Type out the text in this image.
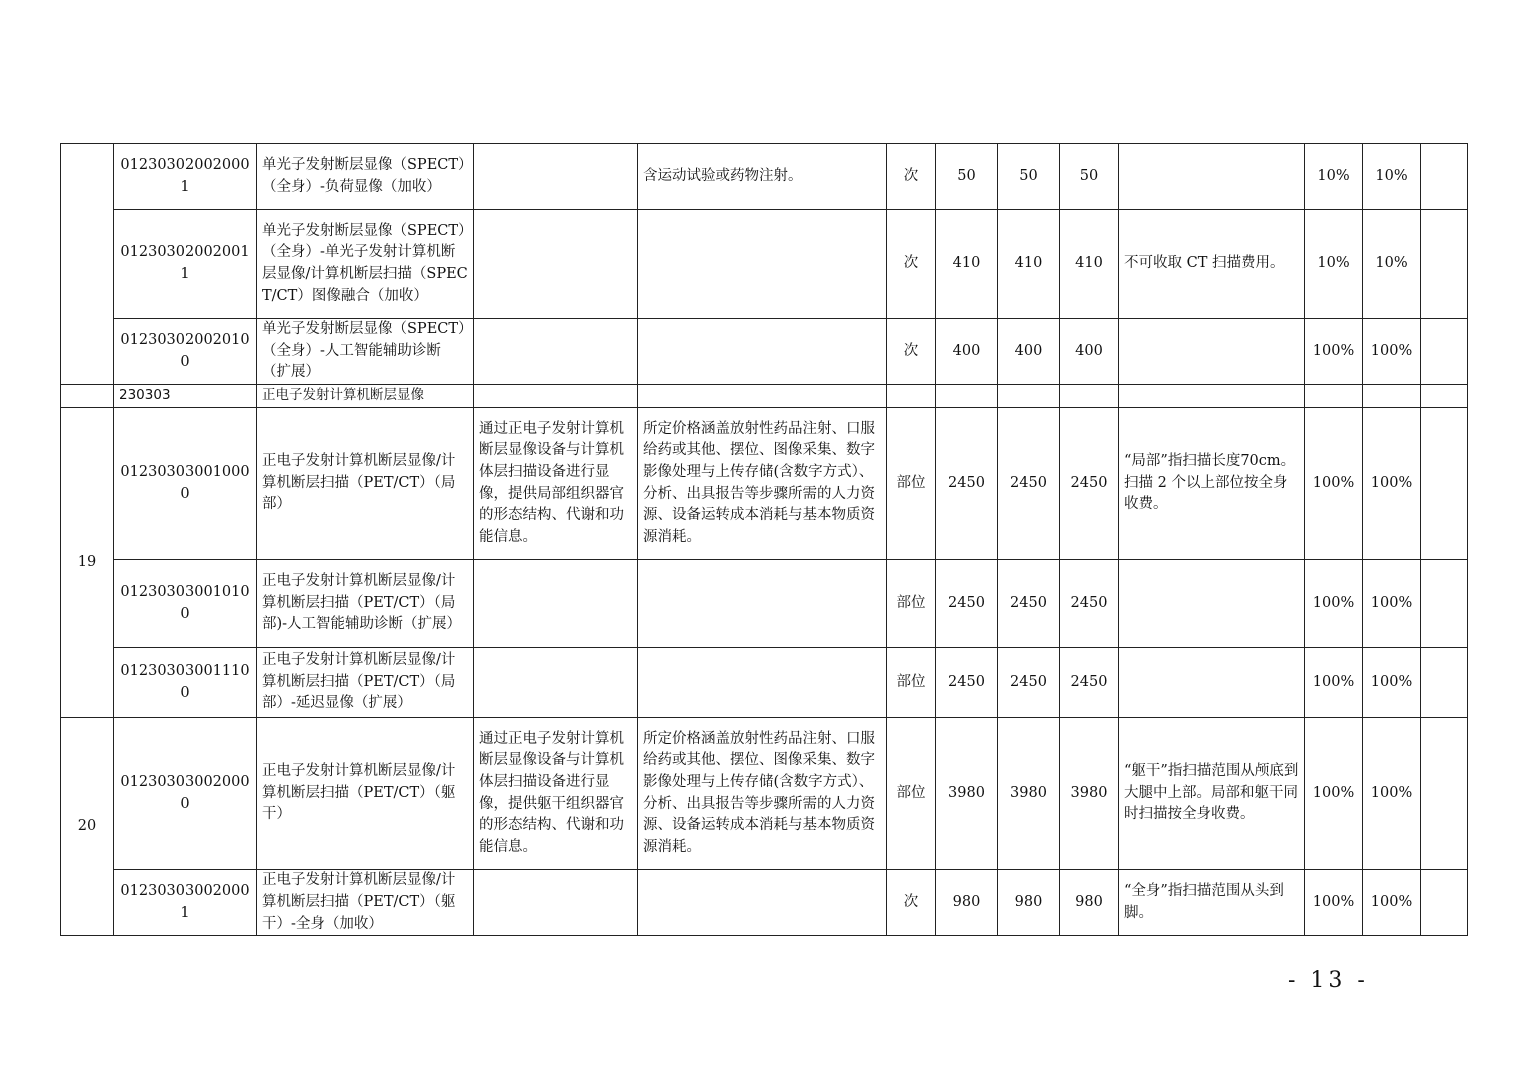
	012303020020001	单光子发射断层显像（SPECT）（全身）-负荷显像（加收）		含运动试验或药物注射。	次	50	50	50		10%	10%	
	012303020020011	单光子发射断层显像（SPECT）（全身）-单光子发射计算机断层显像/计算机断层扫描（SPECT/CT）图像融合（加收）			次	410	410	410	不可收取 CT 扫描费用。	10%	10%	
	012303020020100	单光子发射断层显像（SPECT）（全身）-人工智能辅助诊断（扩展）			次	400	400	400		100%	100%	
	230303	正电子发射计算机断层显像										
19	012303030010000	正电子发射计算机断层显像/计算机断层扫描（PET/CT）（局部）	通过正电子发射计算机断层显像设备与计算机体层扫描设备进行显像，提供局部组织器官的形态结构、代谢和功能信息。	所定价格涵盖放射性药品注射、口服给药或其他、摆位、图像采集、数字影像处理与上传存储(含数字方式）、分析、出具报告等步骤所需的人力资源、设备运转成本消耗与基本物质资源消耗。	部位	2450	2450	2450	“局部”指扫描长度70cm。扫描 2 个以上部位按全身收费。	100%	100%	
	012303030010100	正电子发射计算机断层显像/计算机断层扫描（PET/CT）（局部)-人工智能辅助诊断（扩展）			部位	2450	2450	2450		100%	100%	
	012303030011100	正电子发射计算机断层显像/计算机断层扫描（PET/CT）（局部）-延迟显像（扩展）			部位	2450	2450	2450		100%	100%	
20	012303030020000	正电子发射计算机断层显像/计算机断层扫描（PET/CT）（躯干）	通过正电子发射计算机断层显像设备与计算机体层扫描设备进行显像，提供躯干组织器官的形态结构、代谢和功能信息。	所定价格涵盖放射性药品注射、口服给药或其他、摆位、图像采集、数字影像处理与上传存储(含数字方式）、分析、出具报告等步骤所需的人力资源、设备运转成本消耗与基本物质资源消耗。	部位	3980	3980	3980	“躯干”指扫描范围从颅底到大腿中上部。局部和躯干同时扫描按全身收费。	100%	100%	
	012303030020001	正电子发射计算机断层显像/计算机断层扫描（PET/CT）（躯干）-全身（加收）			次	980	980	980	“全身”指扫描范围从头到脚。	100%	100%	
- 13 -
